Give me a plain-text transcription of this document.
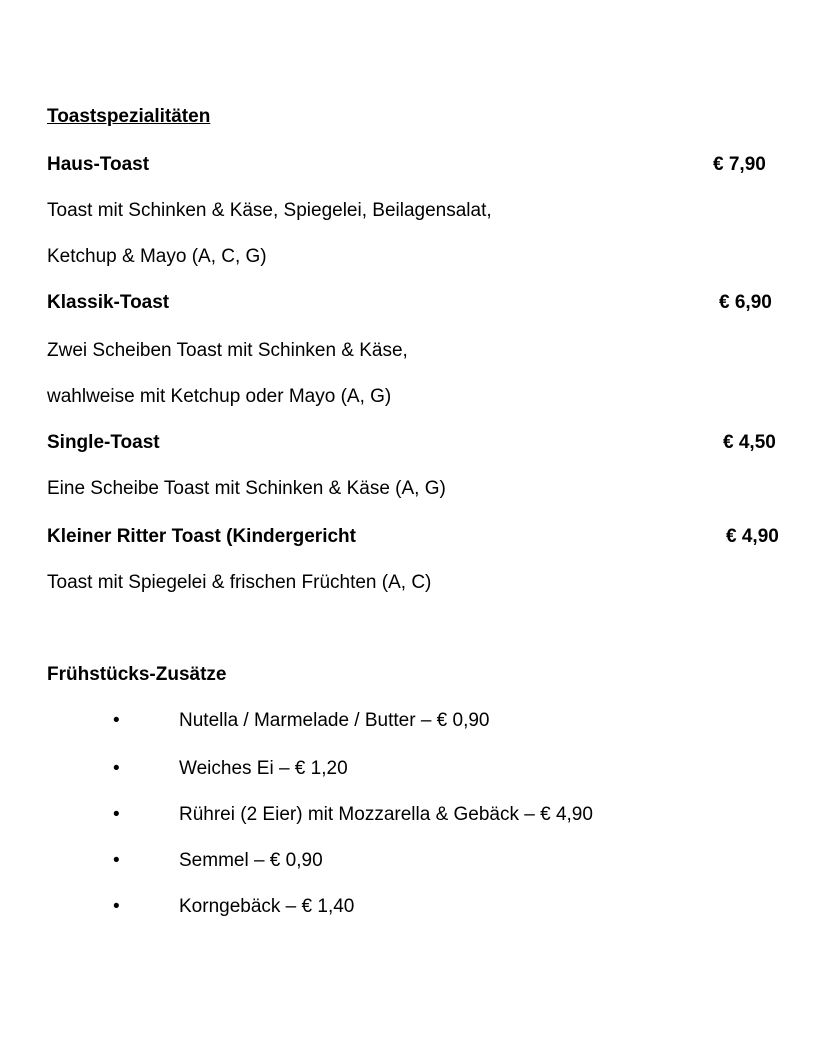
Toastspezialitäten
Haus-Toast	€ 7,90
Toast mit Schinken & Käse, Spiegelei, Beilagensalat,
Ketchup & Mayo (A, C, G)
Klassik-Toast	€ 6,90
Zwei Scheiben Toast mit Schinken & Käse,
wahlweise mit Ketchup oder Mayo (A, G)
Single-Toast	€ 4,50
Eine Scheibe Toast mit Schinken & Käse (A, G)
Kleiner Ritter Toast (Kindergericht	€ 4,90
Toast mit Spiegelei & frischen Früchten (A, C)
Frühstücks-Zusätze
•	Nutella / Marmelade / Butter – € 0,90
•	Weiches Ei – € 1,20
•	Rührei (2 Eier) mit Mozzarella & Gebäck – € 4,90
•	Semmel – € 0,90
•	Korngebäck – € 1,40
